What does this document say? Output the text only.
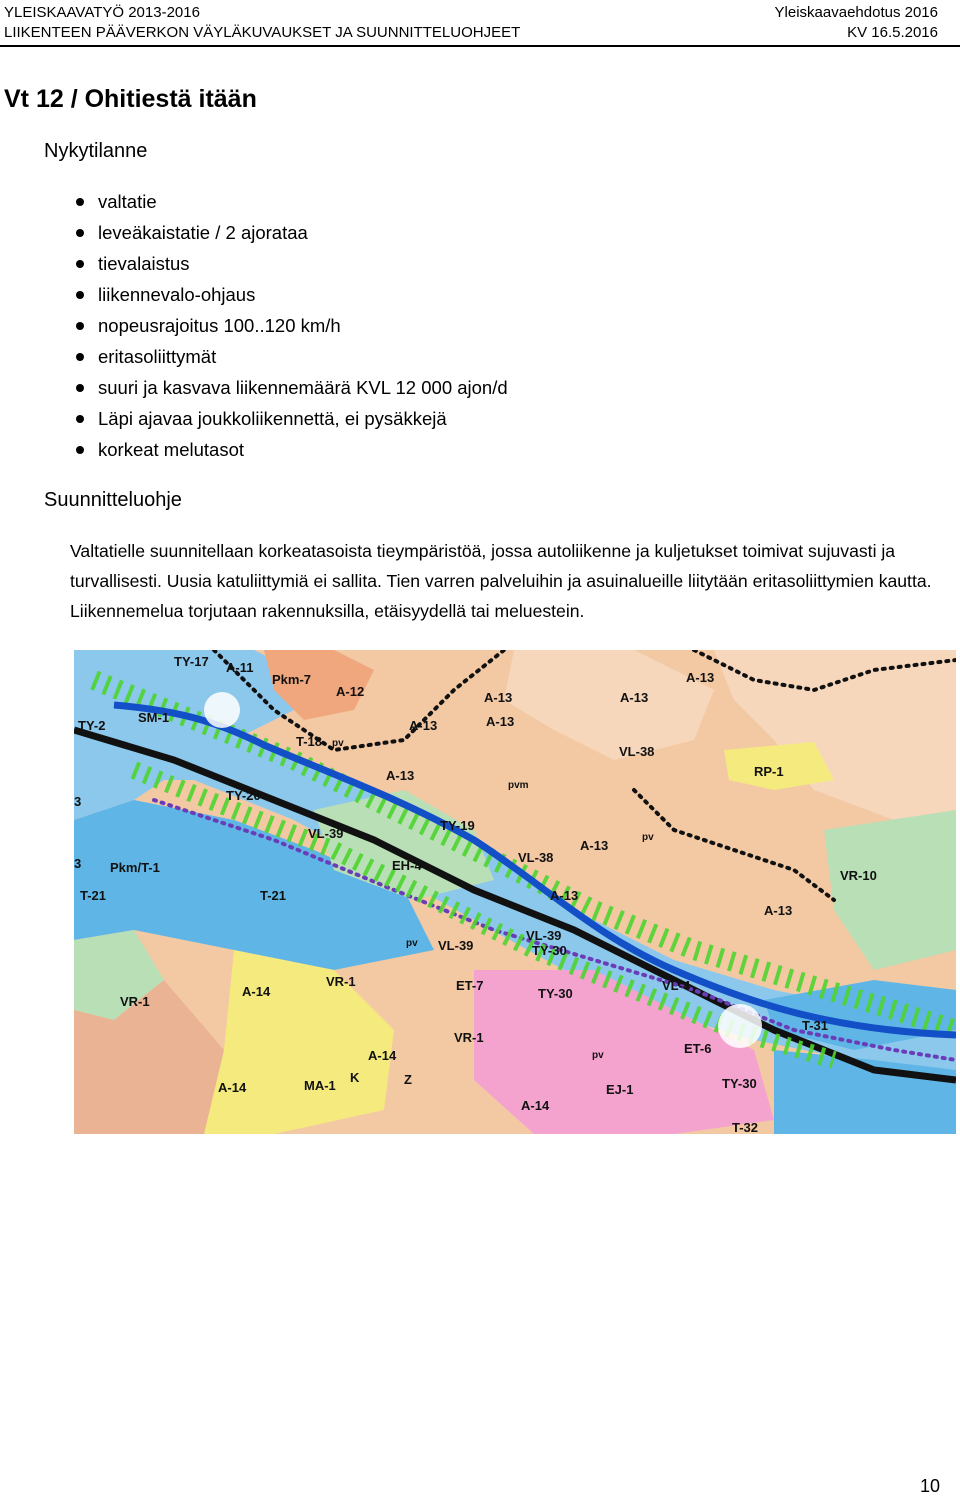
YLEISKAAVATYÖ 2013-2016
LIIKENTEEN PÄÄVERKON VÄYLÄKUVAUKSET JA SUUNNITTELUOHJEET
Yleiskaavaehdotus 2016
KV 16.5.2016
Vt 12 / Ohitiestä itään
Nykytilanne
valtatie
leveäkaistatie / 2 ajorataa
tievalaistus
liikennevalo-ohjaus
nopeusrajoitus 100..120 km/h
eritasoliittymät
suuri ja kasvava liikennemäärä KVL 12 000 ajon/d
Läpi ajavaa joukkoliikennettä, ei pysäkkejä
korkeat melutasot
Suunnitteluohje
Valtatielle suunnitellaan korkeatasoista tieympäristöä, jossa autoliikenne ja kuljetukset toimivat sujuvasti ja turvallisesti. Uusia katuliittymiä ei sallita. Tien varren palveluihin ja asuinalueille liitytään eritasoliittymien kautta. Liikennemelua torjutaan rakennuksilla, etäisyydellä tai meluestein.
TY-17 A-11
Pkm-7
A-12
TY-2
SM-1
T-18 pv
A-13
A-13
A-13
A-13
A-13
A-13
A-13
A-13
A-13
RP-1
VL-38
VL-38
pvm
TY-20
VL-39
TY-19
pv
EH-4
Pkm/T-1
T-21	T-21
VR-10
VL-39
VL-39
TY-30
TY-30
pv
VR-1
VR-1
VR-1
A-14
A-14
A-14
A-14
ET-7	VL-4
T-31
ET-6
pv
MA-1
K	Z
EJ-1	TY-30
T-32
3
3
10
